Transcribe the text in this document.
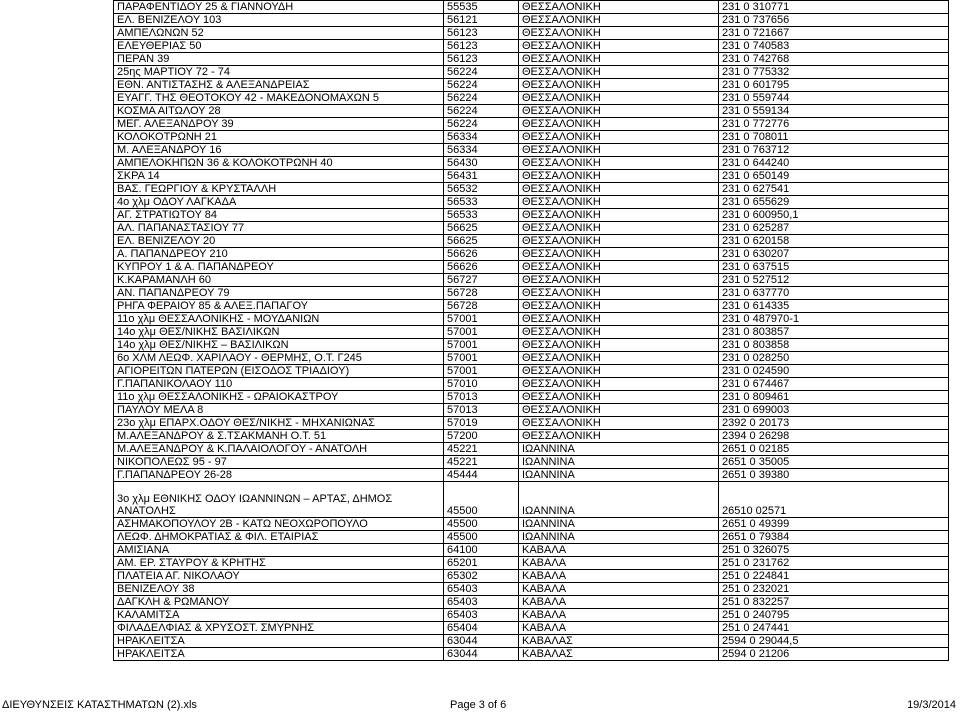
ΠΑΡΑΦΕΝΤΙΔΟΥ 25 & ΓΙΑΝΝΟΥΔΗ	55535	ΘΕΣΣΑΛΟΝΙΚΗ	231 0 310771
ΕΛ. ΒΕΝΙΖΕΛΟΥ 103	56121	ΘΕΣΣΑΛΟΝΙΚΗ	231 0 737656
ΑΜΠΕΛΩΝΩΝ 52	56123	ΘΕΣΣΑΛΟΝΙΚΗ	231 0 721667
ΕΛΕΥΘΕΡΙΑΣ 50	56123	ΘΕΣΣΑΛΟΝΙΚΗ	231 0 740583
ΠΕΡΑΝ 39	56123	ΘΕΣΣΑΛΟΝΙΚΗ	231 0 742768
25ης ΜΑΡΤΙΟΥ 72 - 74	56224	ΘΕΣΣΑΛΟΝΙΚΗ	231 0 775332
ΕΘΝ. ΑΝΤΙΣΤΑΣΗΣ & ΑΛΕΞΑΝΔΡΕΙΑΣ	56224	ΘΕΣΣΑΛΟΝΙΚΗ	231 0 601795
ΕΥΑΓΓ. ΤΗΣ ΘΕΟΤΟΚΟΥ 42 - ΜΑΚΕΔΟΝΟΜΑΧΩΝ 5	56224	ΘΕΣΣΑΛΟΝΙΚΗ	231 0 559744
ΚΟΣΜΑ ΑΙΤΩΛΟΥ 28	56224	ΘΕΣΣΑΛΟΝΙΚΗ	231 0 559134
ΜΕΓ. ΑΛΕΞΑΝΔΡΟΥ 39	56224	ΘΕΣΣΑΛΟΝΙΚΗ	231 0 772776
ΚΟΛΟΚΟΤΡΩΝΗ 21	56334	ΘΕΣΣΑΛΟΝΙΚΗ	231 0 708011
Μ. ΑΛΕΞΑΝΔΡΟΥ 16	56334	ΘΕΣΣΑΛΟΝΙΚΗ	231 0 763712
ΑΜΠΕΛΟΚΗΠΩΝ 36 & ΚΟΛΟΚΟΤΡΩΝΗ 40	56430	ΘΕΣΣΑΛΟΝΙΚΗ	231 0 644240
ΣΚΡΑ 14	56431	ΘΕΣΣΑΛΟΝΙΚΗ	231 0 650149
ΒΑΣ. ΓΕΩΡΓΙΟΥ & ΚΡΥΣΤΑΛΛΗ	56532	ΘΕΣΣΑΛΟΝΙΚΗ	231 0 627541
4ο χλμ ΟΔΟΥ ΛΑΓΚΑΔΑ	56533	ΘΕΣΣΑΛΟΝΙΚΗ	231 0 655629
ΑΓ. ΣΤΡΑΤΙΩΤΟΥ 84	56533	ΘΕΣΣΑΛΟΝΙΚΗ	231 0 600950,1
ΑΛ. ΠΑΠΑΝΑΣΤΑΣΙΟΥ 77	56625	ΘΕΣΣΑΛΟΝΙΚΗ	231 0 625287
ΕΛ. ΒΕΝΙΖΕΛΟΥ 20	56625	ΘΕΣΣΑΛΟΝΙΚΗ	231 0 620158
Α. ΠΑΠΑΝΔΡΕΟΥ 210	56626	ΘΕΣΣΑΛΟΝΙΚΗ	231 0 630207
ΚΥΠΡΟΥ 1 & Α. ΠΑΠΑΝΔΡΕΟΥ	56626	ΘΕΣΣΑΛΟΝΙΚΗ	231 0 637515
Κ.ΚΑΡΑΜΑΝΛΗ 60	56727	ΘΕΣΣΑΛΟΝΙΚΗ	231 0 527512
ΑΝ. ΠΑΠΑΝΔΡΕΟΥ 79	56728	ΘΕΣΣΑΛΟΝΙΚΗ	231 0 637770
ΡΗΓΑ ΦΕΡΑΙΟΥ 85 & ΑΛΕΞ.ΠΑΠΑΓΟΥ	56728	ΘΕΣΣΑΛΟΝΙΚΗ	231 0 614335
11ο χλμ ΘΕΣΣΑΛΟΝΙΚΗΣ - ΜΟΥΔΑΝΙΩΝ	57001	ΘΕΣΣΑΛΟΝΙΚΗ	231 0 487970-1
14ο χλμ ΘΕΣ/ΝΙΚΗΣ ΒΑΣΙΛΙΚΩΝ	57001	ΘΕΣΣΑΛΟΝΙΚΗ	231 0 803857
14ο χλμ ΘΕΣ/ΝΙΚΗΣ – ΒΑΣΙΛΙΚΩΝ	57001	ΘΕΣΣΑΛΟΝΙΚΗ	231 0 803858
6ο ΧΛΜ ΛΕΩΦ. ΧΑΡΙΛΑΟΥ - ΘΕΡΜΗΣ, Ο.Τ. Γ245	57001	ΘΕΣΣΑΛΟΝΙΚΗ	231 0 028250
ΑΓΙΟΡΕΙΤΩΝ ΠΑΤΕΡΩΝ (ΕΙΣΟΔΟΣ ΤΡΙΑΔΙΟΥ)	57001	ΘΕΣΣΑΛΟΝΙΚΗ	231 0 024590
Γ.ΠΑΠΑΝΙΚΟΛΑΟΥ 110	57010	ΘΕΣΣΑΛΟΝΙΚΗ	231 0 674467
11ο χλμ ΘΕΣΣΑΛΟΝΙΚΗΣ - ΩΡΑΙΟΚΑΣΤΡΟΥ	57013	ΘΕΣΣΑΛΟΝΙΚΗ	231 0 809461
ΠΑΥΛΟΥ ΜΕΛΑ 8	57013	ΘΕΣΣΑΛΟΝΙΚΗ	231 0 699003
23ο χλμ ΕΠΑΡΧ.ΟΔΟΥ ΘΕΣ/ΝΙΚΗΣ - ΜΗΧΑΝΙΩΝΑΣ	57019	ΘΕΣΣΑΛΟΝΙΚΗ	2392 0 20173
Μ.ΑΛΕΞΑΝΔΡΟΥ & Σ.ΤΣΑΚΜΑΝΗ Ο.Τ. 51	57200	ΘΕΣΣΑΛΟΝΙΚΗ	2394 0 26298
Μ.ΑΛΕΞΑΝΔΡΟΥ & Κ.ΠΑΛΑΙΟΛΟΓΟΥ - ΑΝΑΤΟΛΗ	45221	ΙΩΑΝΝΙΝΑ	2651 0 02185
ΝΙΚΟΠΟΛΕΩΣ 95 - 97	45221	ΙΩΑΝΝΙΝΑ	2651 0 35005
Γ.ΠΑΠΑΝΔΡΕΟΥ 26-28	45444	ΙΩΑΝΝΙΝΑ	2651 0 39380
3ο χλμ ΕΘΝΙΚΗΣ ΟΔΟΥ ΙΩΑΝΝΙΝΩΝ – ΑΡΤΑΣ, ΔΗΜΟΣ ΑΝΑΤΟΛΗΣ	45500	ΙΩΑΝΝΙΝΑ	26510 02571
ΑΣΗΜΑΚΟΠΟΥΛΟΥ 2Β - ΚΑΤΩ ΝΕΟΧΩΡΟΠΟΥΛΟ	45500	ΙΩΑΝΝΙΝΑ	2651 0 49399
ΛΕΩΦ. ΔΗΜΟΚΡΑΤΙΑΣ & ΦΙΛ. ΕΤΑΙΡΙΑΣ	45500	ΙΩΑΝΝΙΝΑ	2651 0 79384
ΑΜΙΣΙΑΝΑ	64100	ΚΑΒΑΛΑ	251 0 326075
ΑΜ. ΕΡ. ΣΤΑΥΡΟΥ & ΚΡΗΤΗΣ	65201	ΚΑΒΑΛΑ	251 0 231762
ΠΛΑΤΕΙΑ ΑΓ. ΝΙΚΟΛΑΟΥ	65302	ΚΑΒΑΛΑ	251 0 224841
ΒΕΝΙΖΕΛΟΥ 38	65403	ΚΑΒΑΛΑ	251 0 232021
ΔΑΓΚΛΗ & ΡΩΜΑΝΟΥ	65403	ΚΑΒΑΛΑ	251 0 832257
ΚΑΛΑΜΙΤΣΑ	65403	ΚΑΒΑΛΑ	251 0 240795
ΦΙΛΑΔΕΛΦΙΑΣ & ΧΡΥΣΟΣΤ. ΣΜΥΡΝΗΣ	65404	ΚΑΒΑΛΑ	251 0 247441
ΗΡΑΚΛΕΙΤΣΑ	63044	ΚΑΒΑΛΑΣ	2594 0 29044,5
ΗΡΑΚΛΕΙΤΣΑ	63044	ΚΑΒΑΛΑΣ	2594 0 21206
ΔΙΕΥΘΥΝΣΕΙΣ ΚΑΤΑΣΤΗΜΑΤΩΝ (2).xls	Page 3 of 6	19/3/2014
